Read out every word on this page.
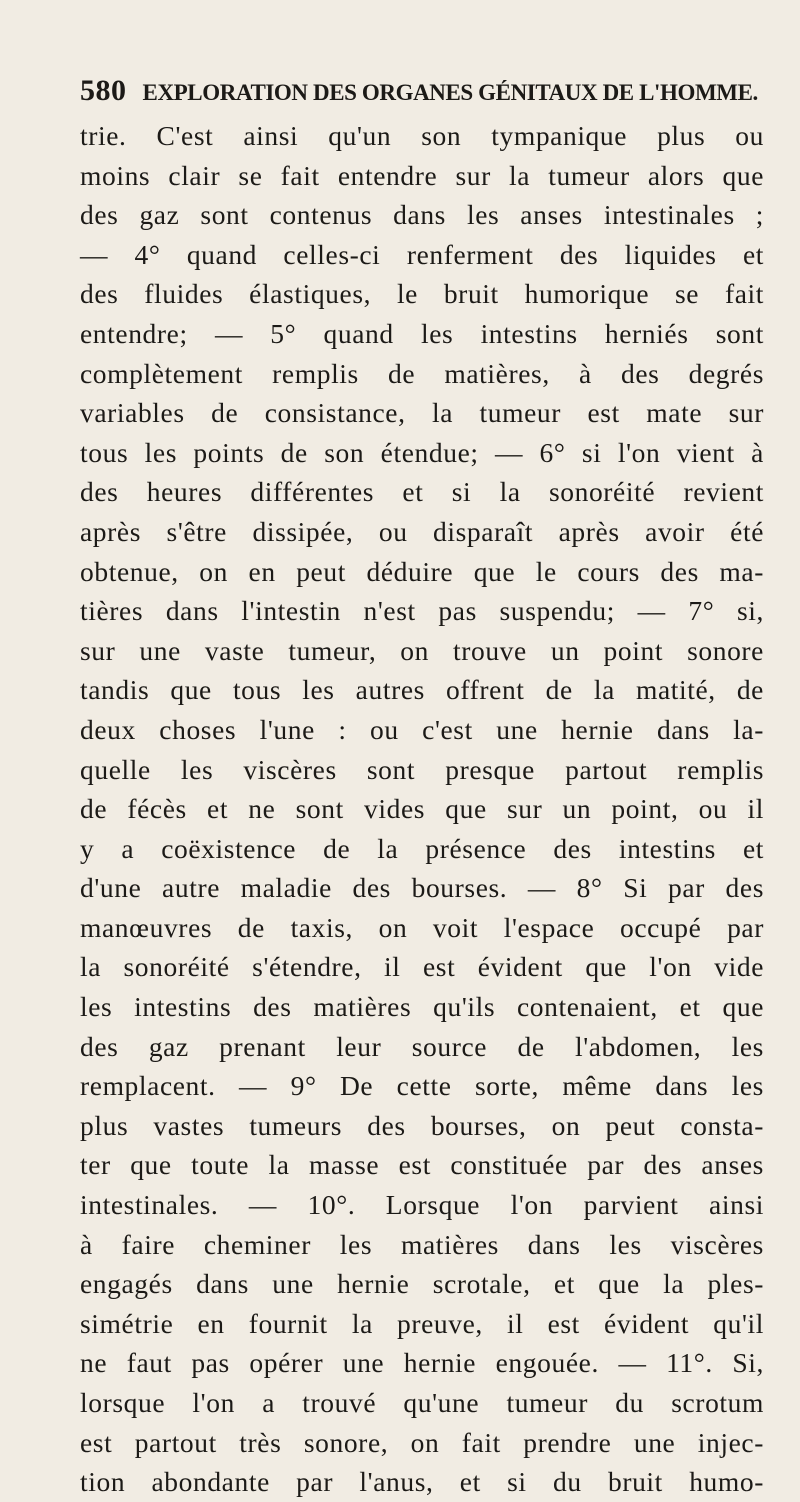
580 EXPLORATION DES ORGANES GÉNITAUX DE L'HOMME.
trie. C'est ainsi qu'un son tympanique plus ou
moins clair se fait entendre sur la tumeur alors que
des gaz sont contenus dans les anses intestinales ;
— 4° quand celles-ci renferment des liquides et
des fluides élastiques, le bruit humorique se fait
entendre; — 5° quand les intestins herniés sont
complètement remplis de matières, à des degrés
variables de consistance, la tumeur est mate sur
tous les points de son étendue; — 6° si l'on vient à
des heures différentes et si la sonoréité revient
après s'être dissipée, ou disparaît après avoir été
obtenue, on en peut déduire que le cours des ma-
tières dans l'intestin n'est pas suspendu; — 7° si,
sur une vaste tumeur, on trouve un point sonore
tandis que tous les autres offrent de la matité, de
deux choses l'une : ou c'est une hernie dans la-
quelle les viscères sont presque partout remplis
de fécès et ne sont vides que sur un point, ou il
y a coëxistence de la présence des intestins et
d'une autre maladie des bourses. — 8° Si par des
manœuvres de taxis, on voit l'espace occupé par
la sonoréité s'étendre, il est évident que l'on vide
les intestins des matières qu'ils contenaient, et que
des gaz prenant leur source de l'abdomen, les
remplacent. — 9° De cette sorte, même dans les
plus vastes tumeurs des bourses, on peut consta-
ter que toute la masse est constituée par des anses
intestinales. — 10°. Lorsque l'on parvient ainsi
à faire cheminer les matières dans les viscères
engagés dans une hernie scrotale, et que la ples-
simétrie en fournit la preuve, il est évident qu'il
ne faut pas opérer une hernie engouée. — 11°. Si,
lorsque l'on a trouvé qu'une tumeur du scrotum
est partout très sonore, on fait prendre une injec-
tion abondante par l'anus, et si du bruit humo-
